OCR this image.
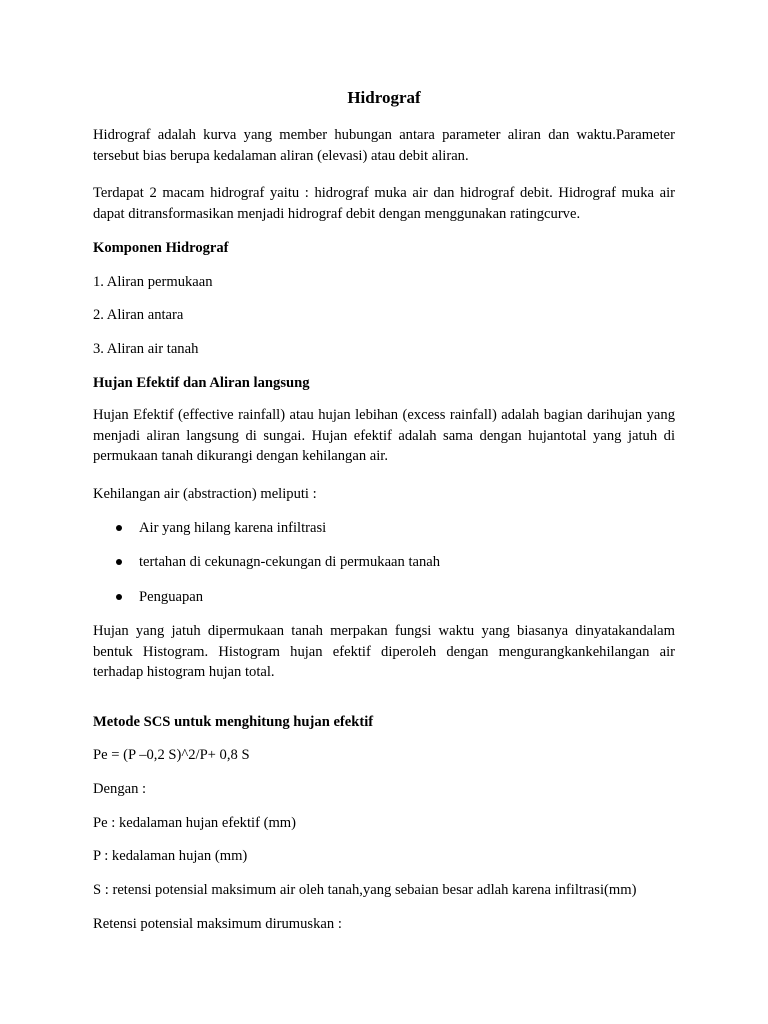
Hidrograf

Hidrograf adalah kurva yang member hubungan antara parameter aliran dan waktu.Parameter tersebut bias berupa kedalaman aliran (elevasi) atau debit aliran.

Terdapat 2 macam hidrograf yaitu : hidrograf muka air dan hidrograf debit. Hidrograf muka air dapat ditransformasikan menjadi hidrograf debit dengan menggunakan ratingcurve.

Komponen Hidrograf
1. Aliran permukaan
2. Aliran antara
3. Aliran air tanah
Hujan Efektif dan Aliran langsung

Hujan Efektif (effective rainfall) atau hujan lebihan (excess rainfall) adalah bagian darihujan yang menjadi aliran langsung di sungai. Hujan efektif adalah sama dengan hujantotal yang jatuh di permukaan tanah dikurangi dengan kehilangan air.

Kehilangan air (abstraction) meliputi :
Air yang hilang karena infiltrasi
tertahan di cekunagn-cekungan di permukaan tanah
Penguapan

Hujan yang jatuh dipermukaan tanah merpakan fungsi waktu yang biasanya dinyatakandalam bentuk Histogram. Histogram hujan efektif diperoleh dengan mengurangkankehilangan air terhadap histogram hujan total.

Metode SCS untuk menghitung hujan efektif
Pe = (P –0,2 S)^2/P+ 0,8 S
Dengan :
Pe : kedalaman hujan efektif (mm)
P : kedalaman hujan (mm)
S : retensi potensial maksimum air oleh tanah,yang sebaian besar adlah karena infiltrasi(mm)
Retensi potensial maksimum dirumuskan :
